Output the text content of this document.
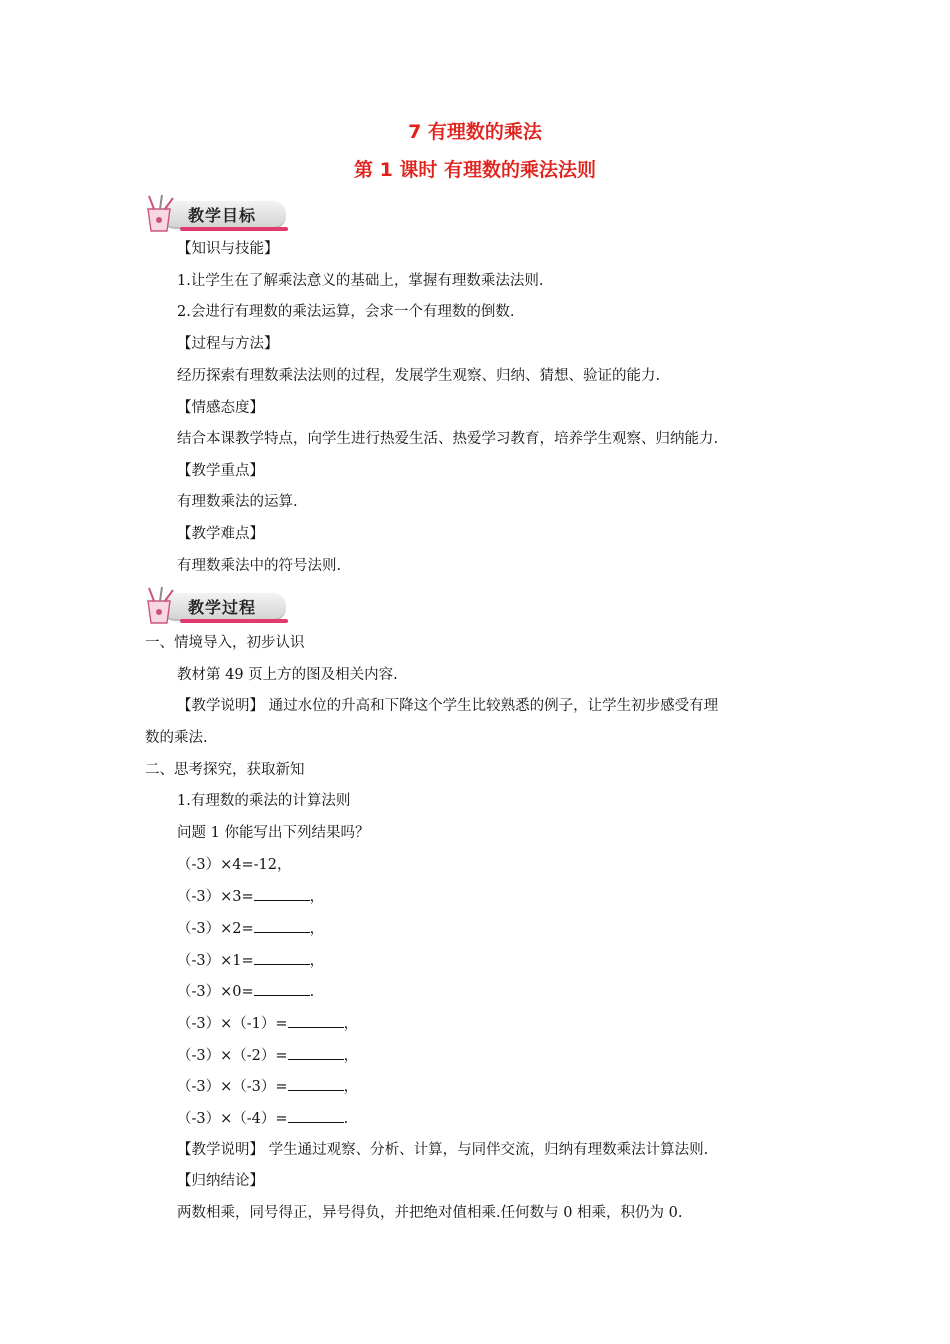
7 有理数的乘法
第 1 课时 有理数的乘法法则
教学目标
【知识与技能】
1.让学生在了解乘法意义的基础上，掌握有理数乘法法则.
2.会进行有理数的乘法运算，会求一个有理数的倒数.
【过程与方法】
经历探索有理数乘法法则的过程，发展学生观察、归纳、猜想、验证的能力.
【情感态度】
结合本课教学特点，向学生进行热爱生活、热爱学习教育，培养学生观察、归纳能力.
【教学重点】
有理数乘法的运算.
【教学难点】
有理数乘法中的符号法则.
教学过程
一、情境导入，初步认识
教材第 49 页上方的图及相关内容.
【教学说明】 通过水位的升高和下降这个学生比较熟悉的例子，让学生初步感受有理
数的乘法.
二、思考探究，获取新知
1.有理数的乘法的计算法则
问题 1 你能写出下列结果吗？
（-3）×4=-12，
（-3）×3=	，
（-3）×2=	，
（-3）×1=	，
（-3）×0=	.
（-3）×（-1）=	，
（-3）×（-2）=	，
（-3）×（-3）=	，
（-3）×（-4）=	.
【教学说明】 学生通过观察、分析、计算，与同伴交流，归纳有理数乘法计算法则.
【归纳结论】
两数相乘，同号得正，异号得负，并把绝对值相乘.任何数与 0 相乘，积仍为 0.
